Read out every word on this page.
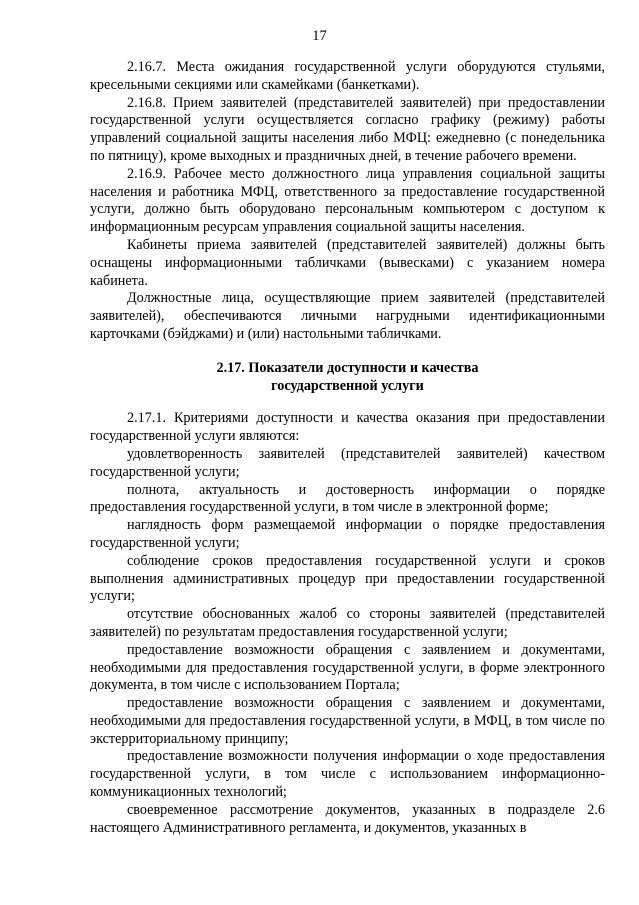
17

2.16.7. Места ожидания государственной услуги оборудуются стульями, кресельными секциями или скамейками (банкетками).

2.16.8. Прием заявителей (представителей заявителей) при предоставлении государственной услуги осуществляется согласно графику (режиму) работы управлений социальной защиты населения либо МФЦ: ежедневно (с понедельника по пятницу), кроме выходных и праздничных дней, в течение рабочего времени.

2.16.9. Рабочее место должностного лица управления социальной защиты населения и работника МФЦ, ответственного за предоставление государственной услуги, должно быть оборудовано персональным компьютером с доступом к информационным ресурсам управления социальной защиты населения.

Кабинеты приема заявителей (представителей заявителей) должны быть оснащены информационными табличками (вывесками) с указанием номера кабинета.

Должностные лица, осуществляющие прием заявителей (представителей заявителей), обеспечиваются личными нагрудными идентификационными карточками (бэйджами) и (или) настольными табличками.

2.17. Показатели доступности и качества
государственной услуги

2.17.1. Критериями доступности и качества оказания при предоставлении государственной услуги являются:

удовлетворенность заявителей (представителей заявителей) качеством государственной услуги;

полнота, актуальность и достоверность информации о порядке предоставления государственной услуги, в том числе в электронной форме;

наглядность форм размещаемой информации о порядке предоставления государственной услуги;

соблюдение сроков предоставления государственной услуги и сроков выполнения административных процедур при предоставлении государственной услуги;

отсутствие обоснованных жалоб со стороны заявителей (представителей заявителей) по результатам предоставления государственной услуги;

предоставление возможности обращения с заявлением и документами, необходимыми для предоставления государственной услуги, в форме электронного документа, в том числе с использованием Портала;

предоставление возможности обращения с заявлением и документами, необходимыми для предоставления государственной услуги, в МФЦ, в том числе по экстерриториальному принципу;

предоставление возможности получения информации о ходе предоставления государственной услуги, в том числе с использованием информационно-коммуникационных технологий;

своевременное рассмотрение документов, указанных в подразделе 2.6 настоящего Административного регламента, и документов, указанных в
